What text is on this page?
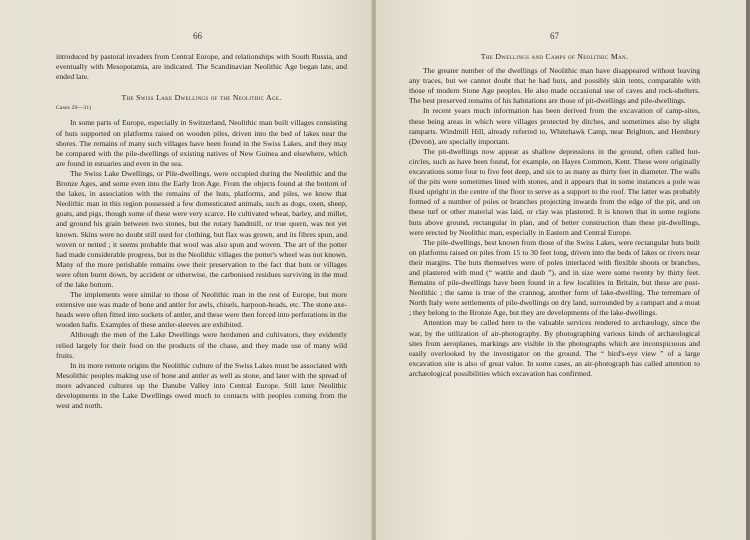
66

introduced by pastoral invaders from Central Europe, and relationships with South Russia, and eventually with Mesopotamia, are indicated. The Scandinavian Neolithic Age began late, and ended late.

The Swiss Lake Dwellings of the Neolithic Age.
Cases 20—31)

In some parts of Europe, especially in Switzerland, Neolithic man built villages consisting of huts supported on platforms raised on wooden piles, driven into the bed of lakes near the shores. The remains of many such villages have been found in the Swiss Lakes, and they may be compared with the pile-dwellings of existing natives of New Guinea and elsewhere, which are found in estuaries and even in the sea.

The Swiss Lake Dwellings, or Pile-dwellings, were occupied during the Neolithic and the Bronze Ages, and some even into the Early Iron Age. From the objects found at the bottom of the lakes, in association with the remains of the huts, platforms, and piles, we know that Neolithic man in this region possessed a few domesticated animals, such as dogs, oxen, sheep, goats, and pigs, though some of these were very scarce. He cultivated wheat, barley, and millet, and ground his grain between two stones, but the rotary handmill, or true quern, was not yet known. Skins were no doubt still used for clothing, but flax was grown, and its fibres spun, and woven or netted ; it seems probable that wool was also spun and woven. The art of the potter had made considerable progress, but in the Neolithic villages the potter's wheel was not known. Many of the more perishable remains owe their preservation to the fact that huts or villages were often burnt down, by accident or otherwise, the carbonised residues surviving in the mud of the lake bottom.

The implements were similar to those of Neolithic man in the rest of Europe, but more extensive use was made of bone and antler for awls, chisels, harpoon-heads, etc. The stone axe-heads were often fitted into sockets of antler, and these were then forced into perforations in the wooden hafts. Examples of these antler-sleeves are exhibited.

Although the men of the Lake Dwellings were herdsmen and cultivators, they evidently relied largely for their food on the products of the chase, and they made use of many wild fruits.

In its more remote origins the Neolithic culture of the Swiss Lakes must be associated with Mesolithic peoples making use of bone and antler as well as stone, and later with the spread of more advanced cultures up the Danube Valley into Central Europe. Still later Neolithic developments in the Lake Dwellings owed much to contacts with peoples coming from the west and north.

67
The Dwellings and Camps of Neolithic Man.

The greater number of the dwellings of Neolithic man have disappeared without leaving any traces, but we cannot doubt that he had huts, and possibly skin tents, comparable with those of modern Stone Age peoples. He also made occasional use of caves and rock-shelters. The best preserved remains of his habitations are those of pit-dwellings and pile-dwellings.

In recent years much information has been derived from the excavation of camp-sites, these being areas in which were villages protected by ditches, and sometimes also by slight ramparts. Windmill Hill, already referred to, Whitehawk Camp, near Brighton, and Hembury (Devon), are specially important.

The pit-dwellings now appear as shallow depressions in the ground, often called hut-circles, such as have been found, for example, on Hayes Common, Kent. These were originally excavations some four to five feet deep, and six to as many as thirty feet in diameter. The walls of the pits were sometimes lined with stones, and it appears that in some instances a pole was fixed upright in the centre of the floor to serve as a support to the roof. The latter was probably formed of a number of poles or branches projecting inwards from the edge of the pit, and on these turf or other material was laid, or clay was plastered. It is known that in some regions huts above ground, rectangular in plan, and of better construction than these pit-dwellings, were erected by Neolithic man, especially in Eastern and Central Europe.

The pile-dwellings, best known from those of the Swiss Lakes, were rectangular huts built on platforms raised on piles from 15 to 30 feet long, driven into the beds of lakes or rivers near their margins. The huts themselves were of poles interlaced with flexible shoots or branches, and plastered with mud (“ wattle and daub ”), and in size were some twenty by thirty feet. Remains of pile-dwellings have been found in a few localities in Britain, but these are post-Neolithic ; the same is true of the crannog, another form of lake-dwelling. The terremare of North Italy were settlements of pile-dwellings on dry land, surrounded by a rampart and a moat ; they belong to the Bronze Age, but they are developments of the lake-dwellings.

Attention may be called here to the valuable services rendered to archæology, since the war, by the utilization of air-photography. By photographing various kinds of archæological sites from aeroplanes, markings are visible in the photographs which are inconspicuous and easily overlooked by the investigator on the ground. The “ bird's-eye view ” of a large excavation site is also of great value. In some cases, an air-photograph has called attention to archæological possibilities which excavation has confirmed.
